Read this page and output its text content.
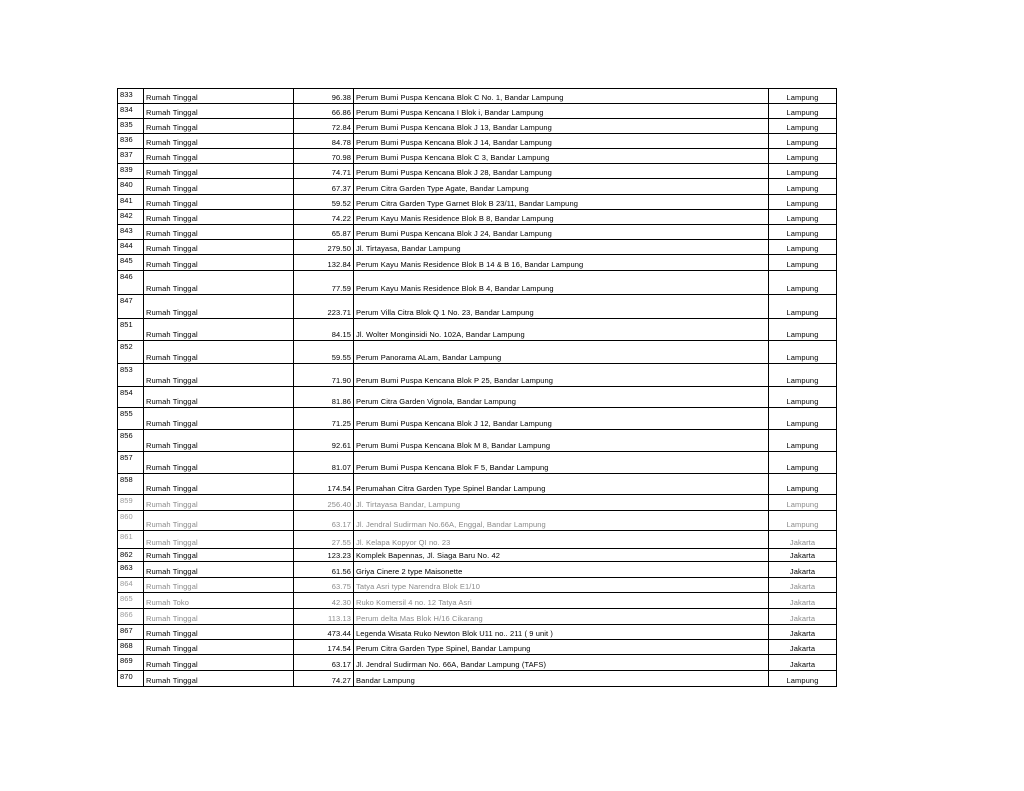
833	Rumah Tinggal	96.38	Perum Bumi Puspa Kencana Blok C No. 1, Bandar Lampung	Lampung
834	Rumah Tinggal	66.86	Perum Bumi Puspa Kencana I Blok i, Bandar Lampung	Lampung
835	Rumah Tinggal	72.84	Perum Bumi Puspa Kencana Blok J 13, Bandar Lampung	Lampung
836	Rumah Tinggal	84.78	Perum Bumi Puspa Kencana Blok J 14, Bandar Lampung	Lampung
837	Rumah Tinggal	70.98	Perum Bumi Puspa Kencana Blok C 3, Bandar Lampung	Lampung
839	Rumah Tinggal	74.71	Perum Bumi Puspa Kencana Blok J 28, Bandar Lampung	Lampung
840	Rumah Tinggal	67.37	Perum Citra Garden Type Agate, Bandar Lampung	Lampung
841	Rumah Tinggal	59.52	Perum Citra Garden Type Garnet Blok B 23/11, Bandar Lampung	Lampung
842	Rumah Tinggal	74.22	Perum Kayu Manis Residence Blok B 8, Bandar Lampung	Lampung
843	Rumah Tinggal	65.87	Perum Bumi Puspa Kencana Blok J 24, Bandar Lampung	Lampung
844	Rumah Tinggal	279.50	Jl. Tirtayasa, Bandar Lampung	Lampung
845	Rumah Tinggal	132.84	Perum Kayu Manis Residence Blok B 14 & B 16, Bandar Lampung	Lampung
846	Rumah Tinggal	77.59	Perum Kayu Manis Residence Blok B 4, Bandar Lampung	Lampung
847	Rumah Tinggal	223.71	Perum Villa Citra Blok Q 1 No. 23, Bandar Lampung	Lampung
851	Rumah Tinggal	84.15	Jl. Wolter Monginsidi No. 102A, Bandar Lampung	Lampung
852	Rumah Tinggal	59.55	Perum Panorama ALam, Bandar Lampung	Lampung
853	Rumah Tinggal	71.90	Perum Bumi Puspa Kencana Blok P 25, Bandar Lampung	Lampung
854	Rumah Tinggal	81.86	Perum Citra Garden Vignola, Bandar Lampung	Lampung
855	Rumah Tinggal	71.25	Perum Bumi Puspa Kencana Blok J 12, Bandar Lampung	Lampung
856	Rumah Tinggal	92.61	Perum Bumi Puspa Kencana Blok M 8, Bandar Lampung	Lampung
857	Rumah Tinggal	81.07	Perum Bumi Puspa Kencana Blok F 5, Bandar Lampung	Lampung
858	Rumah Tinggal	174.54	Perumahan Citra Garden Type Spinel Bandar Lampung	Lampung
859	Rumah Tinggal	256.40	Jl. Tirtayasa Bandar, Lampung	Lampung
860	Rumah Tinggal	63.17	Jl. Jendral Sudirman No.66A, Enggal, Bandar Lampung	Lampung
861	Rumah Tinggal	27.55	Jl. Kelapa Kopyor QI no. 23	Jakarta
862	Rumah Tinggal	123.23	Komplek Bapennas, Jl. Siaga Baru No. 42	Jakarta
863	Rumah Tinggal	61.56	Griya Cinere 2 type Maisonette	Jakarta
864	Rumah Tinggal	63.75	Tatya Asri type Narendra Blok E1/10	Jakarta
865	Rumah Toko	42.30	Ruko Komersil 4 no. 12 Tatya Asri	Jakarta
866	Rumah Tinggal	113.13	Perum delta Mas Blok H/16 Cikarang	Jakarta
867	Rumah Tinggal	473.44	Legenda Wisata Ruko Newton Blok U11 no.. 211 ( 9 unit )	Jakarta
868	Rumah Tinggal	174.54	Perum Citra Garden Type Spinel, Bandar Lampung	Jakarta
869	Rumah Tinggal	63.17	Jl. Jendral Sudirman No. 66A, Bandar Lampung (TAFS)	Jakarta
870	Rumah Tinggal	74.27	Bandar Lampung	Lampung
